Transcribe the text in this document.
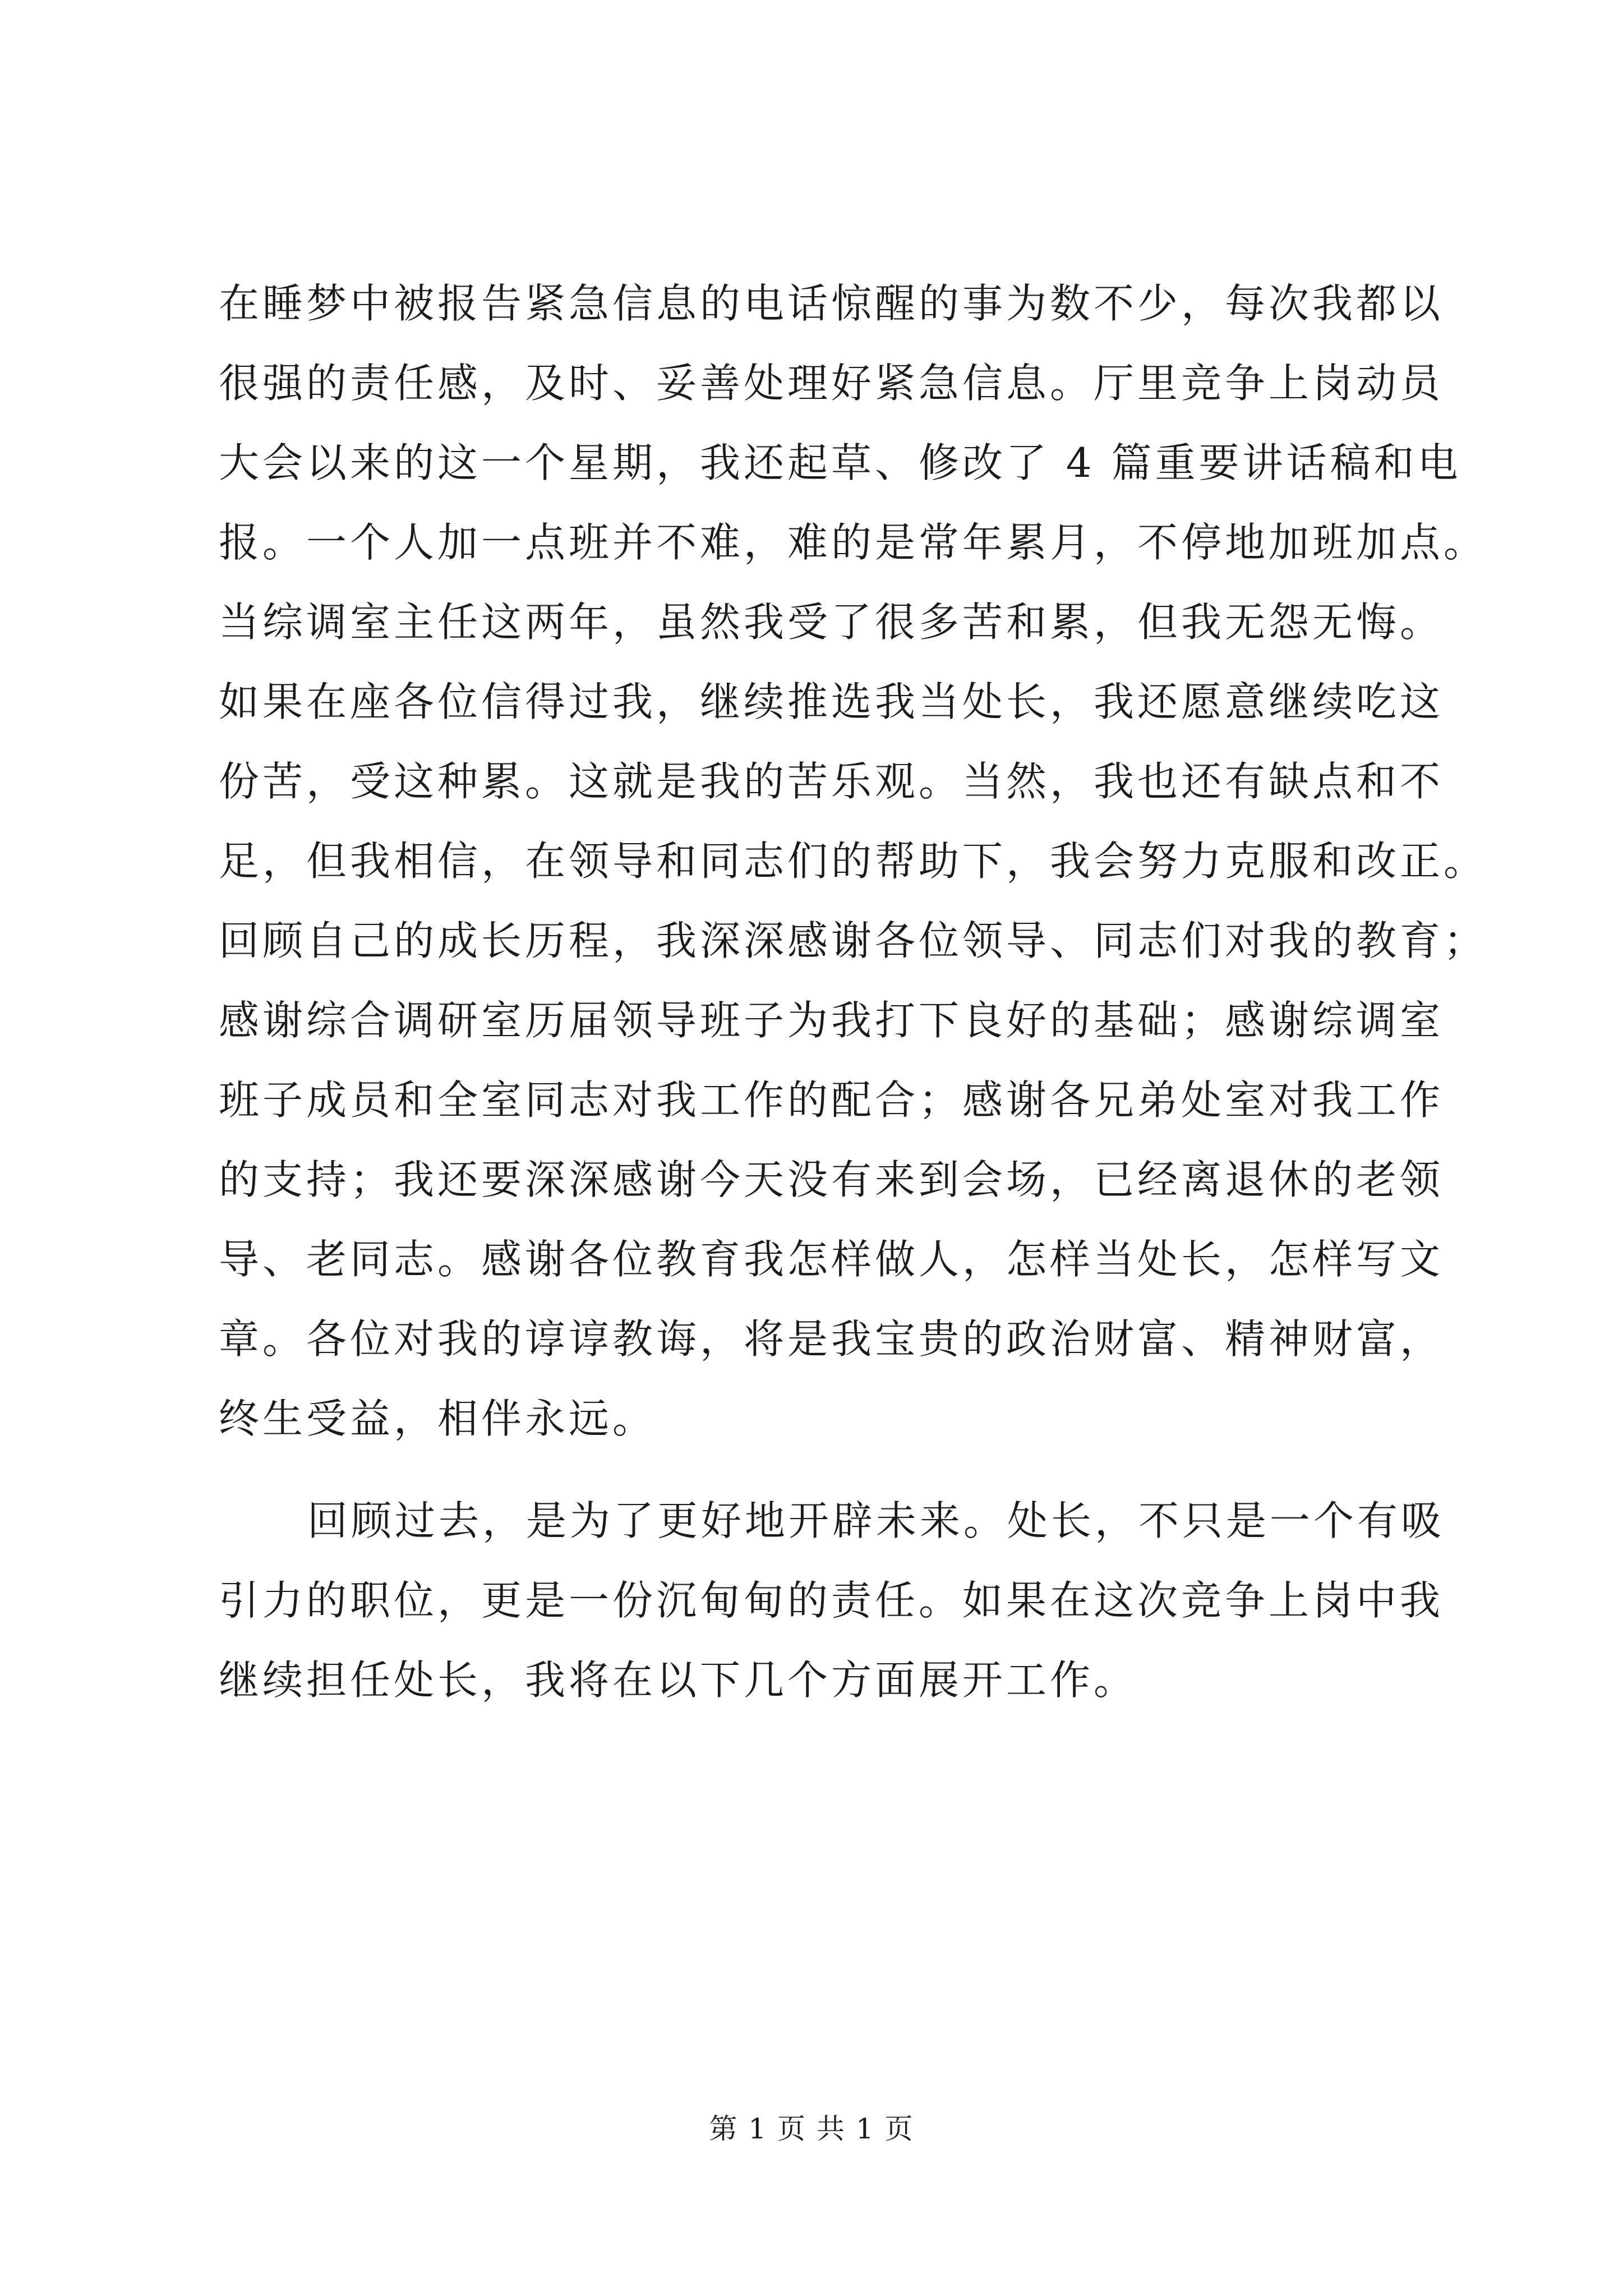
在睡梦中被报告紧急信息的电话惊醒的事为数不少，每次我都以
很强的责任感，及时、妥善处理好紧急信息。厅里竞争上岗动员
大会以来的这一个星期，我还起草、修改了 4 篇重要讲话稿和电
报。一个人加一点班并不难，难的是常年累月，不停地加班加点。
当综调室主任这两年，虽然我受了很多苦和累，但我无怨无悔。
如果在座各位信得过我，继续推选我当处长，我还愿意继续吃这
份苦，受这种累。这就是我的苦乐观。当然，我也还有缺点和不
足，但我相信，在领导和同志们的帮助下，我会努力克服和改正。
回顾自己的成长历程，我深深感谢各位领导、同志们对我的教育；
感谢综合调研室历届领导班子为我打下良好的基础；感谢综调室
班子成员和全室同志对我工作的配合；感谢各兄弟处室对我工作
的支持；我还要深深感谢今天没有来到会场，已经离退休的老领
导、老同志。感谢各位教育我怎样做人，怎样当处长，怎样写文
章。各位对我的谆谆教诲，将是我宝贵的政治财富、精神财富，
终生受益，相伴永远。
回顾过去，是为了更好地开辟未来。处长，不只是一个有吸
引力的职位，更是一份沉甸甸的责任。如果在这次竞争上岗中我
继续担任处长，我将在以下几个方面展开工作。
第 1 页 共 1 页
